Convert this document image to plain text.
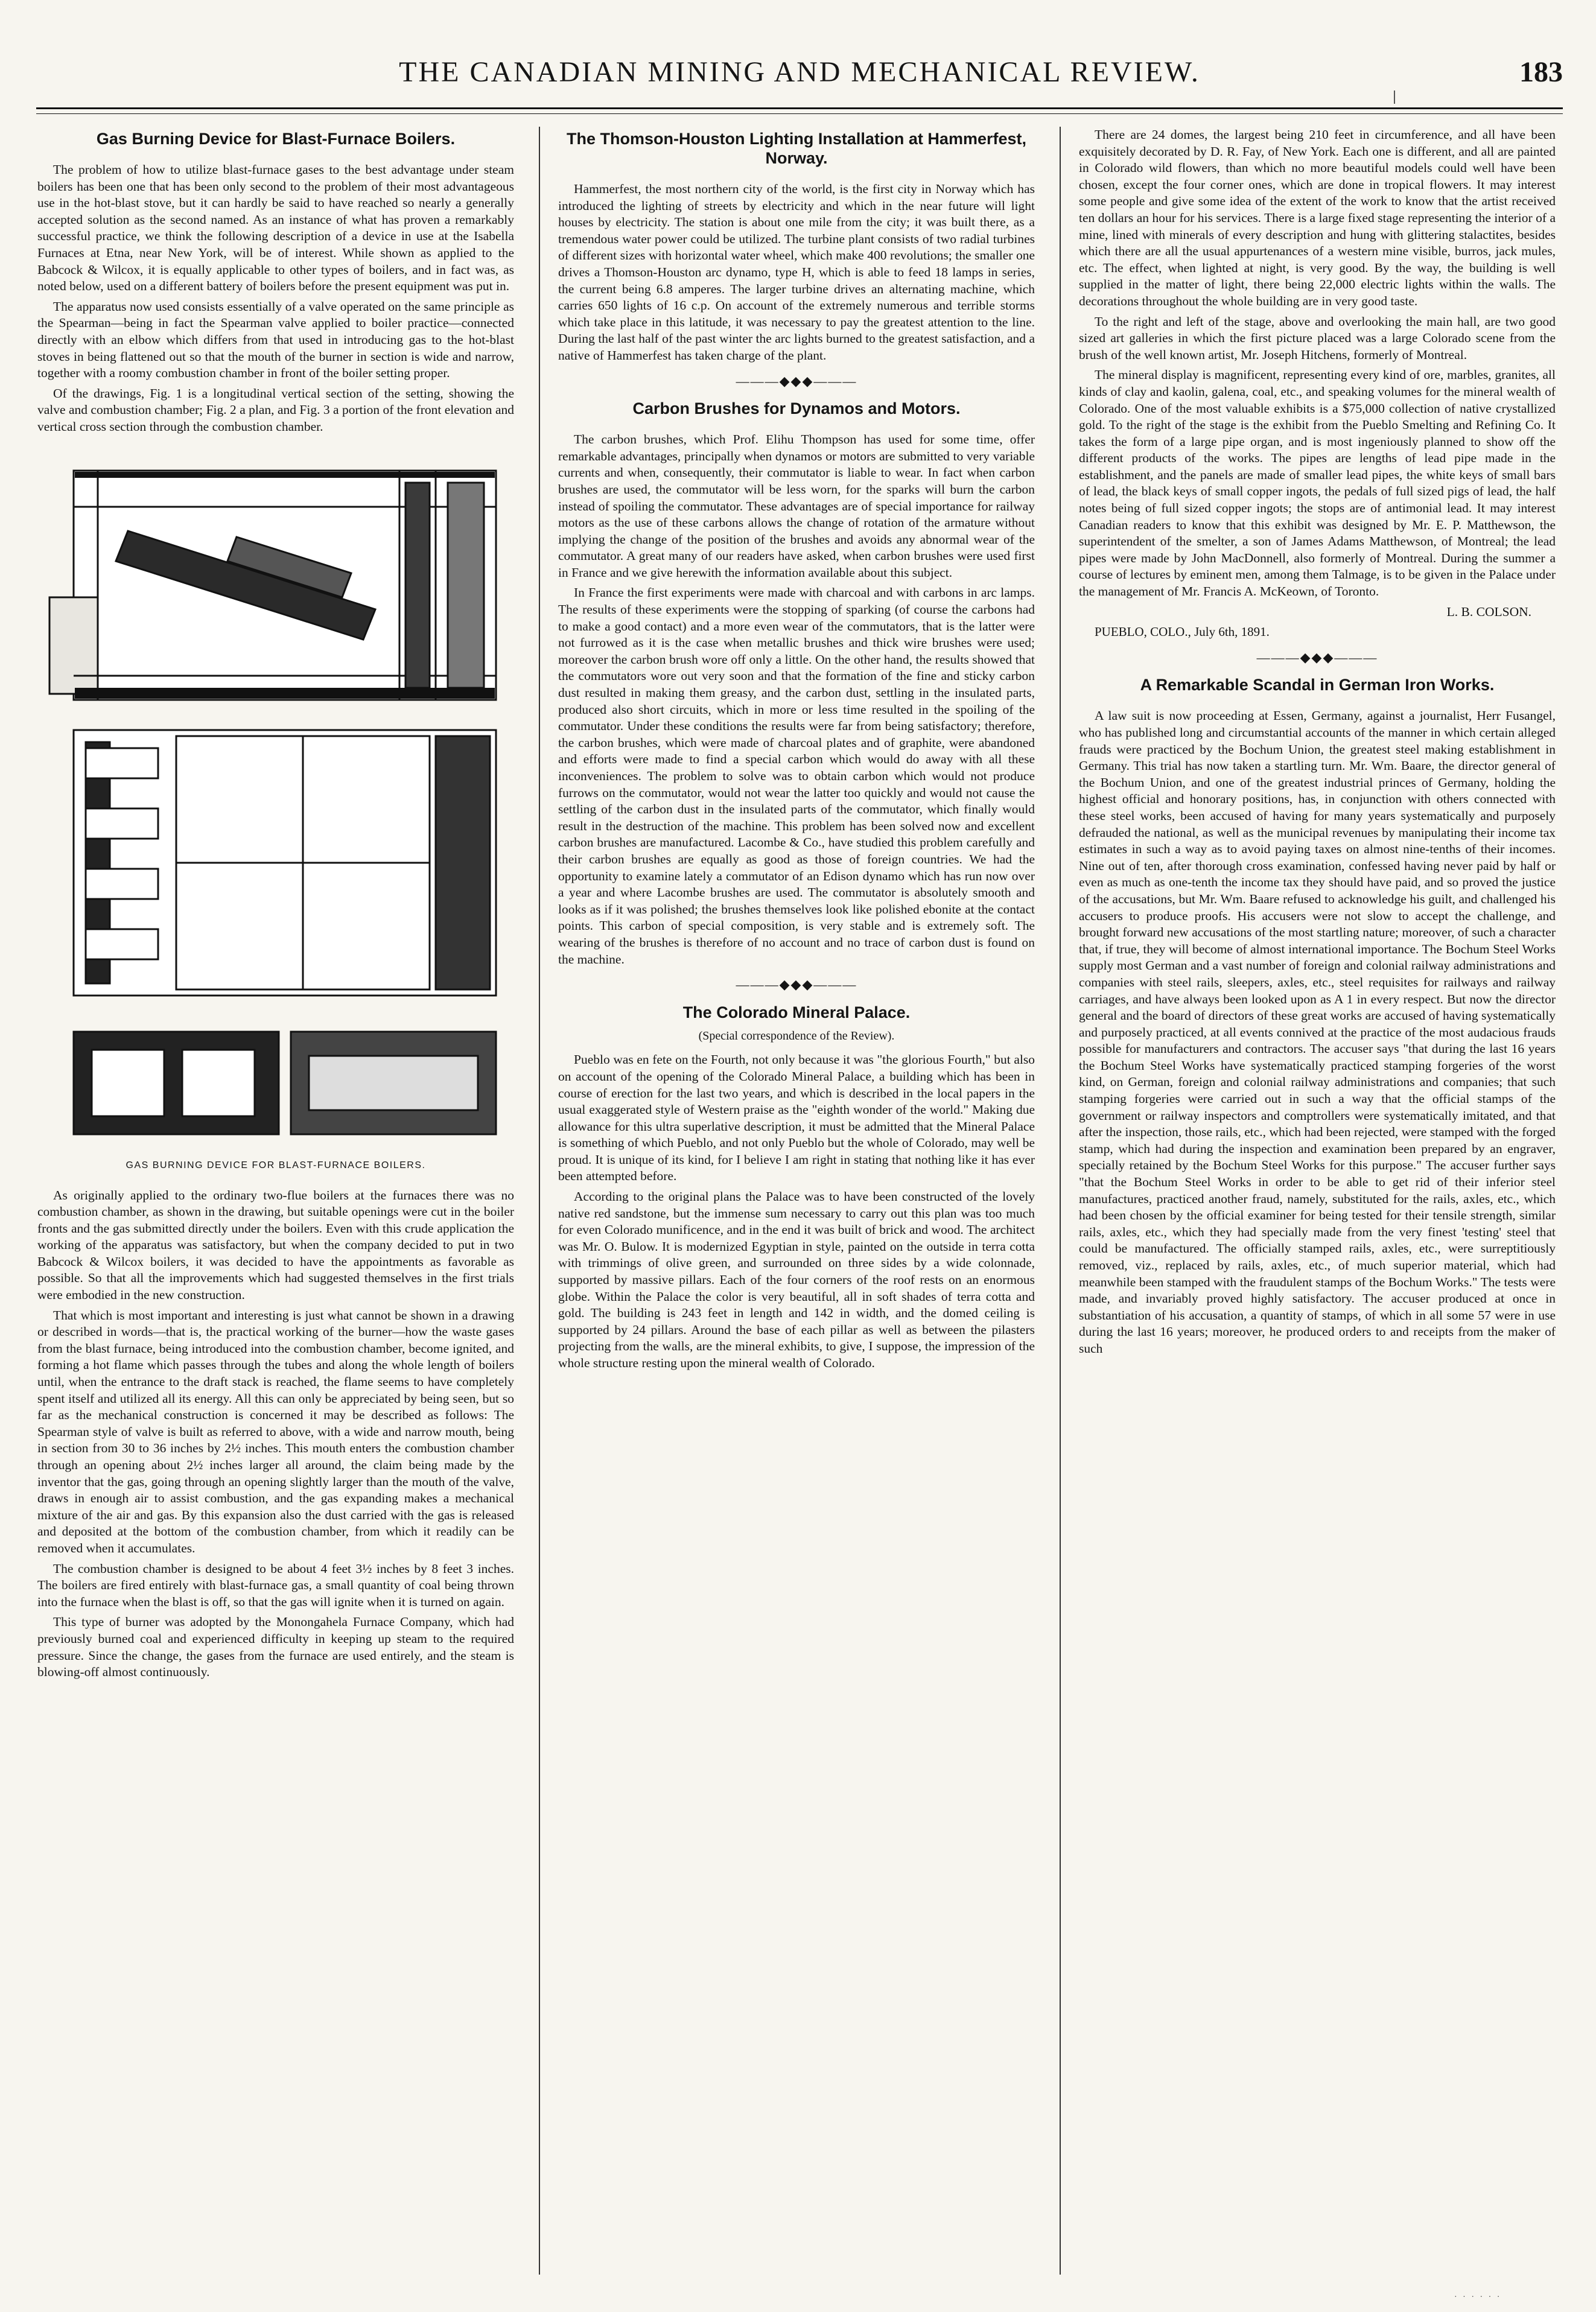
THE CANADIAN MINING AND MECHANICAL REVIEW.	183
Gas Burning Device for Blast-Furnace Boilers.

The problem of how to utilize blast-furnace gases to the best advantage under steam boilers has been one that has been only second to the problem of their most advantageous use in the hot-blast stove, but it can hardly be said to have reached so nearly a generally accepted solution as the second named. As an instance of what has proven a remarkably successful practice, we think the following description of a device in use at the Isabella Furnaces at Etna, near New York, will be of interest. While shown as applied to the Babcock & Wilcox, it is equally applicable to other types of boilers, and in fact was, as noted below, used on a different battery of boilers before the present equipment was put in.

The apparatus now used consists essentially of a valve operated on the same principle as the Spearman—being in fact the Spearman valve applied to boiler practice—connected directly with an elbow which differs from that used in introducing gas to the hot-blast stoves in being flattened out so that the mouth of the burner in section is wide and narrow, together with a roomy combustion chamber in front of the boiler setting proper.

Of the drawings, Fig. 1 is a longitudinal vertical section of the setting, showing the valve and combustion chamber; Fig. 2 a plan, and Fig. 3 a portion of the front elevation and vertical cross section through the combustion chamber.

GAS BURNING DEVICE FOR BLAST-FURNACE BOILERS.

As originally applied to the ordinary two-flue boilers at the furnaces there was no combustion chamber, as shown in the drawing, but suitable openings were cut in the boiler fronts and the gas submitted directly under the boilers. Even with this crude application the working of the apparatus was satisfactory, but when the company decided to put in two Babcock & Wilcox boilers, it was decided to have the appointments as favorable as possible. So that all the improvements which had suggested themselves in the first trials were embodied in the new construction.

That which is most important and interesting is just what cannot be shown in a drawing or described in words—that is, the practical working of the burner—how the waste gases from the blast furnace, being introduced into the combustion chamber, become ignited, and forming a hot flame which passes through the tubes and along the whole length of boilers until, when the entrance to the draft stack is reached, the flame seems to have completely spent itself and utilized all its energy. All this can only be appreciated by being seen, but so far as the mechanical construction is concerned it may be described as follows: The Spearman style of valve is built as referred to above, with a wide and narrow mouth, being in section from 30 to 36 inches by 2½ inches. This mouth enters the combustion chamber through an opening about 2½ inches larger all around, the claim being made by the inventor that the gas, going through an opening slightly larger than the mouth of the valve, draws in enough air to assist combustion, and the gas expanding makes a mechanical mixture of the air and gas. By this expansion also the dust carried with the gas is released and deposited at the bottom of the combustion chamber, from which it readily can be removed when it accumulates.

The combustion chamber is designed to be about 4 feet 3½ inches by 8 feet 3 inches. The boilers are fired entirely with blast-furnace gas, a small quantity of coal being thrown into the furnace when the blast is off, so that the gas will ignite when it is turned on again.

This type of burner was adopted by the Monongahela Furnace Company, which had previously burned coal and experienced difficulty in keeping up steam to the required pressure. Since the change, the gases from the furnace are used entirely, and the steam is blowing-off almost continuously.

The Thomson-Houston Lighting Installation at Hammerfest, Norway.

Hammerfest, the most northern city of the world, is the first city in Norway which has introduced the lighting of streets by electricity and which in the near future will light houses by electricity. The station is about one mile from the city; it was built there, as a tremendous water power could be utilized. The turbine plant consists of two radial turbines of different sizes with horizontal water wheel, which make 400 revolutions; the smaller one drives a Thomson-Houston arc dynamo, type H, which is able to feed 18 lamps in series, the current being 6.8 amperes. The larger turbine drives an alternating machine, which carries 650 lights of 16 c.p. On account of the extremely numerous and terrible storms which take place in this latitude, it was necessary to pay the greatest attention to the line. During the last half of the past winter the arc lights burned to the greatest satisfaction, and a native of Hammerfest has taken charge of the plant.

———◆◆◆———
Carbon Brushes for Dynamos and Motors.

The carbon brushes, which Prof. Elihu Thompson has used for some time, offer remarkable advantages, principally when dynamos or motors are submitted to very variable currents and when, consequently, their commutator is liable to wear. In fact when carbon brushes are used, the commutator will be less worn, for the sparks will burn the carbon instead of spoiling the commutator. These advantages are of special importance for railway motors as the use of these carbons allows the change of rotation of the armature without implying the change of the position of the brushes and avoids any abnormal wear of the commutator. A great many of our readers have asked, when carbon brushes were used first in France and we give herewith the information available about this subject.

In France the first experiments were made with charcoal and with carbons in arc lamps. The results of these experiments were the stopping of sparking (of course the carbons had to make a good contact) and a more even wear of the commutators, that is the latter were not furrowed as it is the case when metallic brushes and thick wire brushes were used; moreover the carbon brush wore off only a little. On the other hand, the results showed that the commutators wore out very soon and that the formation of the fine and sticky carbon dust resulted in making them greasy, and the carbon dust, settling in the insulated parts, produced also short circuits, which in more or less time resulted in the spoiling of the commutator. Under these conditions the results were far from being satisfactory; therefore, the carbon brushes, which were made of charcoal plates and of graphite, were abandoned and efforts were made to find a special carbon which would do away with all these inconveniences. The problem to solve was to obtain carbon which would not produce furrows on the commutator, would not wear the latter too quickly and would not cause the settling of the carbon dust in the insulated parts of the commutator, which finally would result in the destruction of the machine. This problem has been solved now and excellent carbon brushes are manufactured. Lacombe & Co., have studied this problem carefully and their carbon brushes are equally as good as those of foreign countries. We had the opportunity to examine lately a commutator of an Edison dynamo which has run now over a year and where Lacombe brushes are used. The commutator is absolutely smooth and looks as if it was polished; the brushes themselves look like polished ebonite at the contact points. This carbon of special composition, is very stable and is extremely soft. The wearing of the brushes is therefore of no account and no trace of carbon dust is found on the machine.

———◆◆◆———
The Colorado Mineral Palace.
(Special correspondence of the Review).

Pueblo was en fete on the Fourth, not only because it was "the glorious Fourth," but also on account of the opening of the Colorado Mineral Palace, a building which has been in course of erection for the last two years, and which is described in the local papers in the usual exaggerated style of Western praise as the "eighth wonder of the world." Making due allowance for this ultra superlative description, it must be admitted that the Mineral Palace is something of which Pueblo, and not only Pueblo but the whole of Colorado, may well be proud. It is unique of its kind, for I believe I am right in stating that nothing like it has ever been attempted before.

According to the original plans the Palace was to have been constructed of the lovely native red sandstone, but the immense sum necessary to carry out this plan was too much for even Colorado munificence, and in the end it was built of brick and wood. The architect was Mr. O. Bulow. It is modernized Egyptian in style, painted on the outside in terra cotta with trimmings of olive green, and surrounded on three sides by a wide colonnade, supported by massive pillars. Each of the four corners of the roof rests on an enormous globe. Within the Palace the color is very beautiful, all in soft shades of terra cotta and gold. The building is 243 feet in length and 142 in width, and the domed ceiling is supported by 24 pillars. Around the base of each pillar as well as between the pilasters projecting from the walls, are the mineral exhibits, to give, I suppose, the impression of the whole structure resting upon the mineral wealth of Colorado.

There are 24 domes, the largest being 210 feet in circumference, and all have been exquisitely decorated by D. R. Fay, of New York. Each one is different, and all are painted in Colorado wild flowers, than which no more beautiful models could well have been chosen, except the four corner ones, which are done in tropical flowers. It may interest some people and give some idea of the extent of the work to know that the artist received ten dollars an hour for his services. There is a large fixed stage representing the interior of a mine, lined with minerals of every description and hung with glittering stalactites, besides which there are all the usual appurtenances of a western mine visible, burros, jack mules, etc. The effect, when lighted at night, is very good. By the way, the building is well supplied in the matter of light, there being 22,000 electric lights within the walls. The decorations throughout the whole building are in very good taste.

To the right and left of the stage, above and overlooking the main hall, are two good sized art galleries in which the first picture placed was a large Colorado scene from the brush of the well known artist, Mr. Joseph Hitchens, formerly of Montreal.

The mineral display is magnificent, representing every kind of ore, marbles, granites, all kinds of clay and kaolin, galena, coal, etc., and speaking volumes for the mineral wealth of Colorado. One of the most valuable exhibits is a $75,000 collection of native crystallized gold. To the right of the stage is the exhibit from the Pueblo Smelting and Refining Co. It takes the form of a large pipe organ, and is most ingeniously planned to show off the different products of the works. The pipes are lengths of lead pipe made in the establishment, and the panels are made of smaller lead pipes, the white keys of small bars of lead, the black keys of small copper ingots, the pedals of full sized pigs of lead, the half notes being of full sized copper ingots; the stops are of antimonial lead. It may interest Canadian readers to know that this exhibit was designed by Mr. E. P. Matthewson, the superintendent of the smelter, a son of James Adams Matthewson, of Montreal; the lead pipes were made by John MacDonnell, also formerly of Montreal. During the summer a course of lectures by eminent men, among them Talmage, is to be given in the Palace under the management of Mr. Francis A. McKeown, of Toronto.

L. B. COLSON.

PUEBLO, COLO., July 6th, 1891.

———◆◆◆———
A Remarkable Scandal in German Iron Works.

A law suit is now proceeding at Essen, Germany, against a journalist, Herr Fusangel, who has published long and circumstantial accounts of the manner in which certain alleged frauds were practiced by the Bochum Union, the greatest steel making establishment in Germany. This trial has now taken a startling turn. Mr. Wm. Baare, the director general of the Bochum Union, and one of the greatest industrial princes of Germany, holding the highest official and honorary positions, has, in conjunction with others connected with these steel works, been accused of having for many years systematically and purposely defrauded the national, as well as the municipal revenues by manipulating their income tax estimates in such a way as to avoid paying taxes on almost nine-tenths of their incomes. Nine out of ten, after thorough cross examination, confessed having never paid by half or even as much as one-tenth the income tax they should have paid, and so proved the justice of the accusations, but Mr. Wm. Baare refused to acknowledge his guilt, and challenged his accusers to produce proofs. His accusers were not slow to accept the challenge, and brought forward new accusations of the most startling nature; moreover, of such a character that, if true, they will become of almost international importance. The Bochum Steel Works supply most German and a vast number of foreign and colonial railway administrations and companies with steel rails, sleepers, axles, etc., steel requisites for railways and railway carriages, and have always been looked upon as A 1 in every respect. But now the director general and the board of directors of these great works are accused of having systematically and purposely practiced, at all events connived at the practice of the most audacious frauds possible for manufacturers and contractors. The accuser says "that during the last 16 years the Bochum Steel Works have systematically practiced stamping forgeries of the worst kind, on German, foreign and colonial railway administrations and companies; that such stamping forgeries were carried out in such a way that the official stamps of the government or railway inspectors and comptrollers were systematically imitated, and that after the inspection, those rails, etc., which had been rejected, were stamped with the forged stamp, which had during the inspection and examination been prepared by an engraver, specially retained by the Bochum Steel Works for this purpose." The accuser further says "that the Bochum Steel Works in order to be able to get rid of their inferior steel manufactures, practiced another fraud, namely, substituted for the rails, axles, etc., which had been chosen by the official examiner for being tested for their tensile strength, similar rails, axles, etc., which they had specially made from the very finest 'testing' steel that could be manufactured. The officially stamped rails, axles, etc., were surreptitiously removed, viz., replaced by rails, axles, etc., of much superior material, which had meanwhile been stamped with the fraudulent stamps of the Bochum Works." The tests were made, and invariably proved highly satisfactory. The accuser produced at once in substantiation of his accusation, a quantity of stamps, of which in all some 57 were in use during the last 16 years; moreover, he produced orders to and receipts from the maker of such

· · · · · ·
